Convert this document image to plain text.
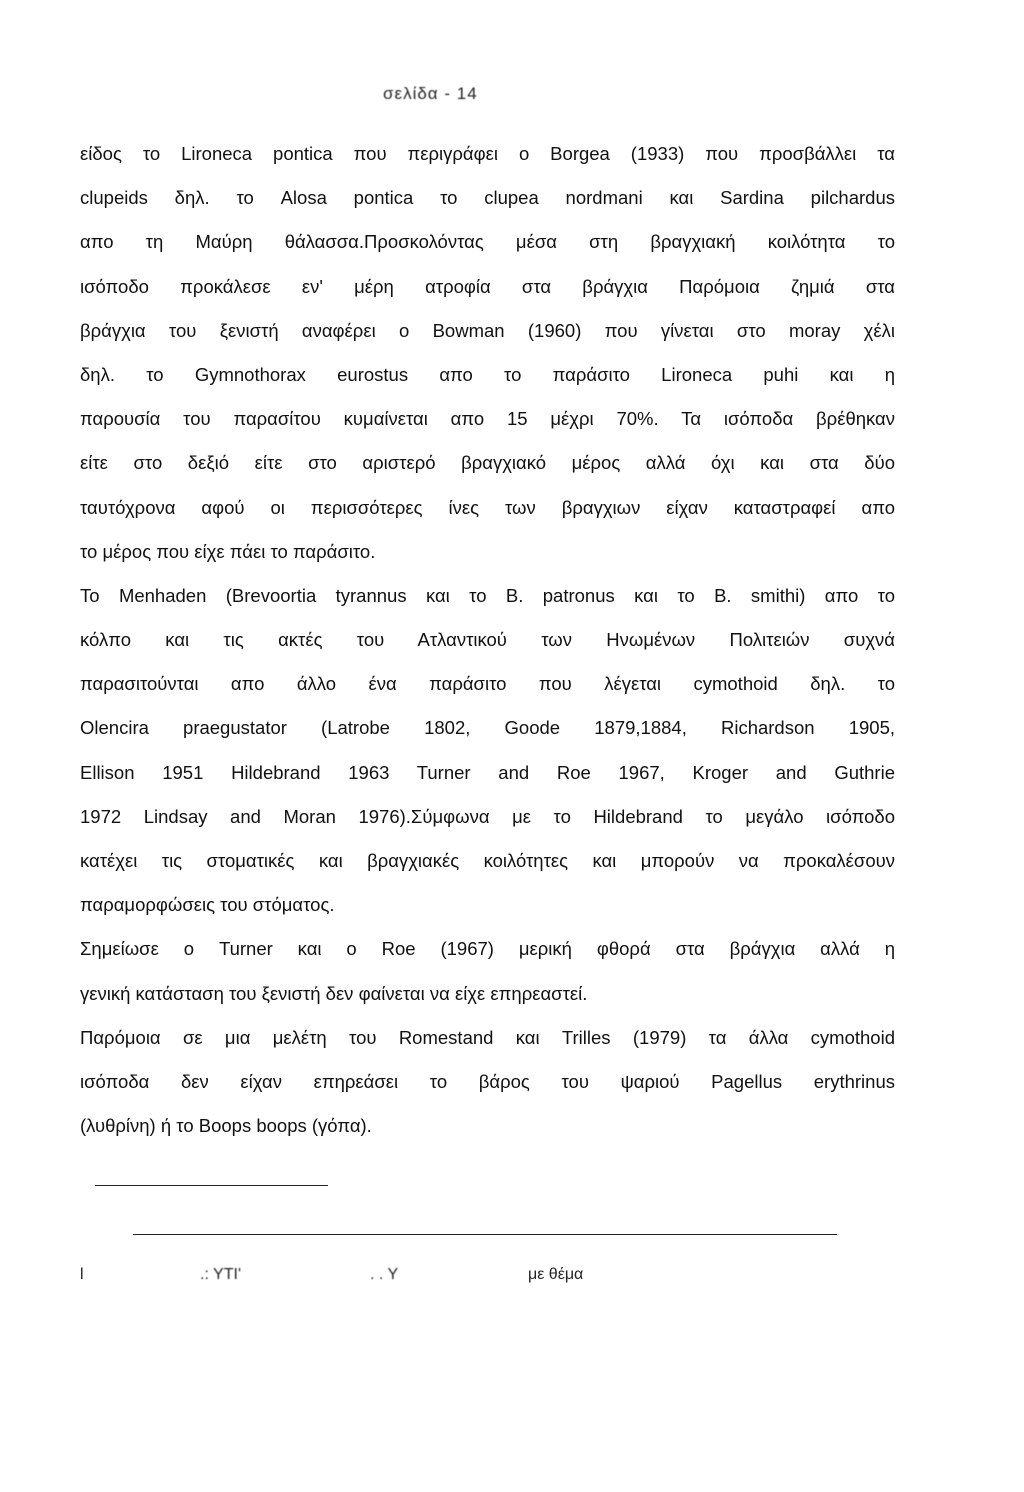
σελίδα - 14
είδος το Lironeca pontica που περιγράφει ο Borgea (1933) που προσβάλλει τα
clupeids δηλ. το Alosa pontica το clupea nordmani και Sardina pilchardus
απο τη Μαύρη θάλασσα.Προσκολόντας μέσα στη βραγχιακή κοιλότητα το
ισόποδο προκάλεσε εν' μέρη ατροφία στα βράγχια Παρόμοια ζημιά στα
βράγχια του ξενιστή αναφέρει ο Bowman (1960) που γίνεται στο moray χέλι
δηλ. το Gymnothorax eurostus απο το παράσιτο Lironeca puhi και η
παρουσία του παρασίτου κυμαίνεται απο 15 μέχρι 70%. Τα ισόποδα βρέθηκαν
είτε στο δεξιό είτε στο αριστερό βραγχιακό μέρος αλλά όχι και στα δύο
ταυτόχρονα αφού οι περισσότερες ίνες των βραγχιων είχαν καταστραφεί απο
το μέρος που είχε πάει το παράσιτο.
Το Menhaden (Brevoortia tyrannus και το B. patronus και το B. smithi) απο το
κόλπο και τις ακτές του Ατλαντικού των Ηνωμένων Πολιτειών συχνά
παρασιτούνται απο άλλο ένα παράσιτο που λέγεται cymothoid δηλ. το
Olencira praegustator (Latrobe 1802, Goode 1879,1884, Richardson 1905,
Ellison 1951 Hildebrand 1963 Turner and Roe 1967, Kroger and Guthrie
1972 Lindsay and Moran 1976).Σύμφωνα με το Hildebrand το μεγάλο ισόποδο
κατέχει τις στοματικές και βραγχιακές κοιλότητες και μπορούν να προκαλέσουν
παραμορφώσεις του στόματος.
Σημείωσε ο Turner και ο Roe (1967) μερική φθορά στα βράγχια αλλά η
γενική κατάσταση του ξενιστή δεν φαίνεται να είχε επηρεαστεί.
Παρόμοια σε μια μελέτη του Romestand και Trilles (1979) τα άλλα cymothoid
ισόποδα δεν είχαν επηρεάσει το βάρος του ψαριού Pagellus erythrinus
(λυθρίνη) ή το Boops boops (γόπα).
l	.: ΥΤΙ'	. . Υ	με θέμα
